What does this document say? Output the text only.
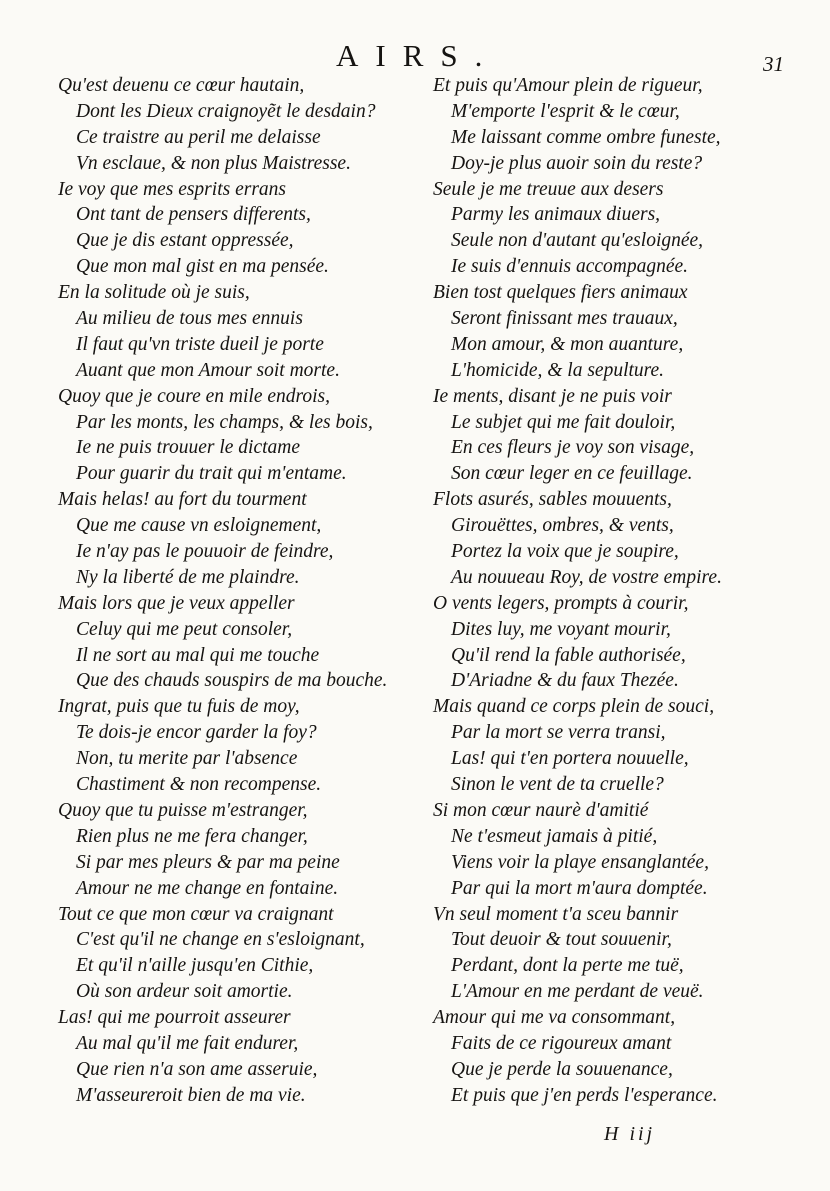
AIRS.	31
Qu'est deuenu ce cœur hautain,
Dont les Dieux craignoyẽt le desdain?
Ce traistre au peril me delaisse
Vn esclaue, & non plus Maistresse.
Ie voy que mes esprits errans
Ont tant de pensers differents,
Que je dis estant oppressée,
Que mon mal gist en ma pensée.
En la solitude où je suis,
Au milieu de tous mes ennuis
Il faut qu'vn triste dueil je porte
Auant que mon Amour soit morte.
Quoy que je coure en mile endrois,
Par les monts, les champs, & les bois,
Ie ne puis trouuer le dictame
Pour guarir du trait qui m'entame.
Mais helas! au fort du tourment
Que me cause vn esloignement,
Ie n'ay pas le pouuoir de feindre,
Ny la liberté de me plaindre.
Mais lors que je veux appeller
Celuy qui me peut consoler,
Il ne sort au mal qui me touche
Que des chauds souspirs de ma bouche.
Ingrat, puis que tu fuis de moy,
Te dois-je encor garder la foy?
Non, tu merite par l'absence
Chastiment & non recompense.
Quoy que tu puisse m'estranger,
Rien plus ne me fera changer,
Si par mes pleurs & par ma peine
Amour ne me change en fontaine.
Tout ce que mon cœur va craignant
C'est qu'il ne change en s'esloignant,
Et qu'il n'aille jusqu'en Cithie,
Où son ardeur soit amortie.
Las! qui me pourroit asseurer
Au mal qu'il me fait endurer,
Que rien n'a son ame asseruie,
M'asseureroit bien de ma vie.
Et puis qu'Amour plein de rigueur,
M'emporte l'esprit & le cœur,
Me laissant comme ombre funeste,
Doy-je plus auoir soin du reste?
Seule je me treuue aux desers
Parmy les animaux diuers,
Seule non d'autant qu'esloignée,
Ie suis d'ennuis accompagnée.
Bien tost quelques fiers animaux
Seront finissant mes trauaux,
Mon amour, & mon auanture,
L'homicide, & la sepulture.
Ie ments, disant je ne puis voir
Le subjet qui me fait douloir,
En ces fleurs je voy son visage,
Son cœur leger en ce feuillage.
Flots asurés, sables mouuents,
Girouëttes, ombres, & vents,
Portez la voix que je soupire,
Au nouueau Roy, de vostre empire.
O vents legers, prompts à courir,
Dites luy, me voyant mourir,
Qu'il rend la fable authorisée,
D'Ariadne & du faux Thezée.
Mais quand ce corps plein de souci,
Par la mort se verra transi,
Las! qui t'en portera nouuelle,
Sinon le vent de ta cruelle?
Si mon cœur naurè d'amitié
Ne t'esmeut jamais à pitié,
Viens voir la playe ensanglantée,
Par qui la mort m'aura domptée.
Vn seul moment t'a sceu bannir
Tout deuoir & tout souuenir,
Perdant, dont la perte me tuë,
L'Amour en me perdant de veuë.
Amour qui me va consommant,
Faits de ce rigoureux amant
Que je perde la souuenance,
Et puis que j'en perds l'esperance.
H iij
